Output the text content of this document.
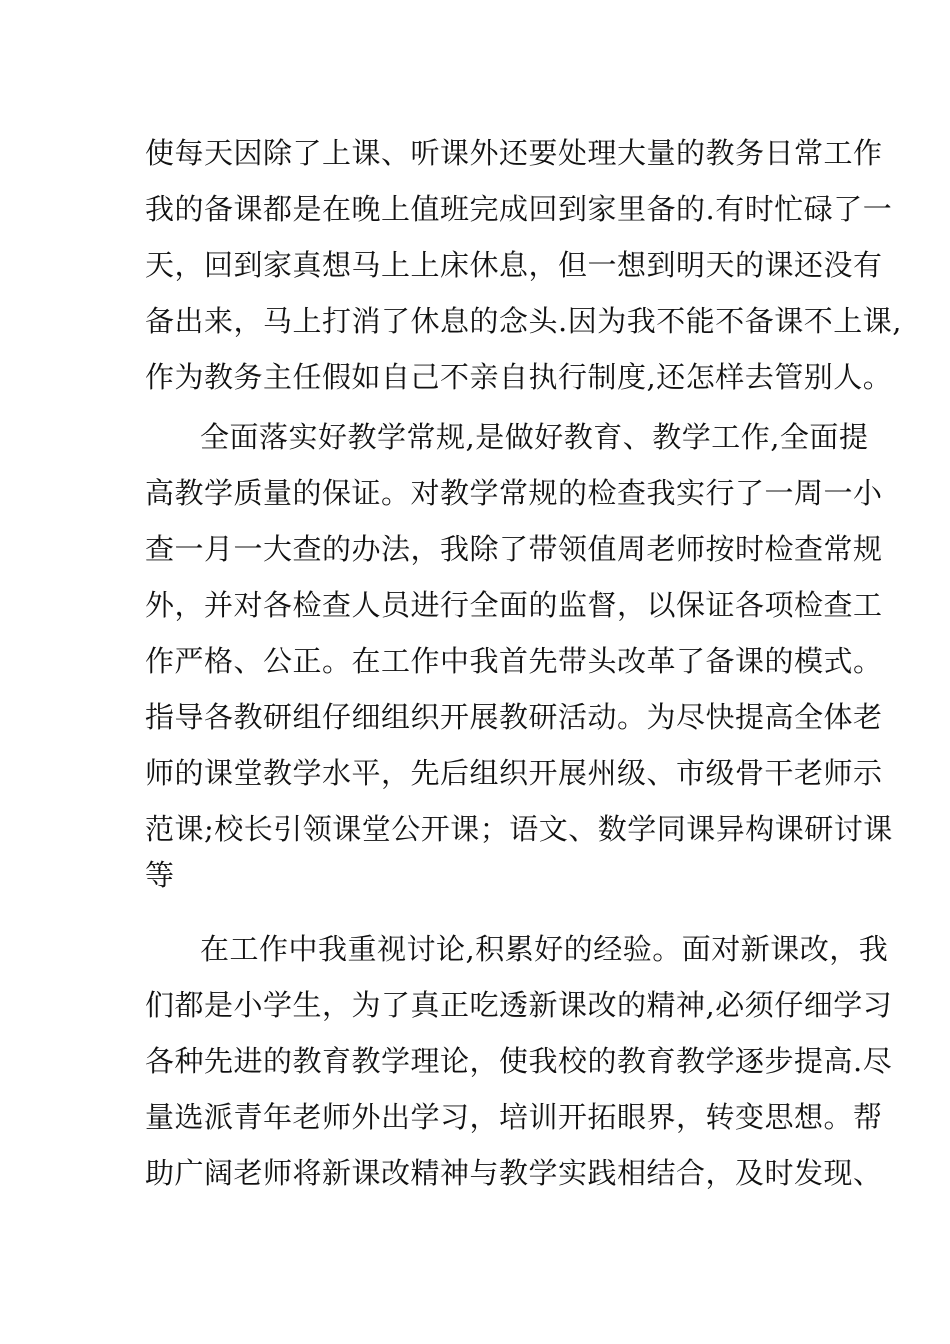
使每天因除了上课、听课外还要处理大量的教务日常工作
我的备课都是在晚上值班完成回到家里备的.有时忙碌了一
天，回到家真想马上上床休息，但一想到明天的课还没有
备出来，马上打消了休息的念头.因为我不能不备课不上课,
作为教务主任假如自己不亲自执行制度,还怎样去管别人。
全面落实好教学常规,是做好教育、教学工作,全面提
高教学质量的保证。对教学常规的检查我实行了一周一小
查一月一大查的办法，我除了带领值周老师按时检查常规
外，并对各检查人员进行全面的监督，以保证各项检查工
作严格、公正。在工作中我首先带头改革了备课的模式。
指导各教研组仔细组织开展教研活动。为尽快提高全体老
师的课堂教学水平，先后组织开展州级、市级骨干老师示
范课;校长引领课堂公开课；语文、数学同课异构课研讨课
等
在工作中我重视讨论,积累好的经验。面对新课改，我
们都是小学生，为了真正吃透新课改的精神,必须仔细学习
各种先进的教育教学理论，使我校的教育教学逐步提高.尽
量选派青年老师外出学习，培训开拓眼界，转变思想。帮
助广阔老师将新课改精神与教学实践相结合，及时发现、
